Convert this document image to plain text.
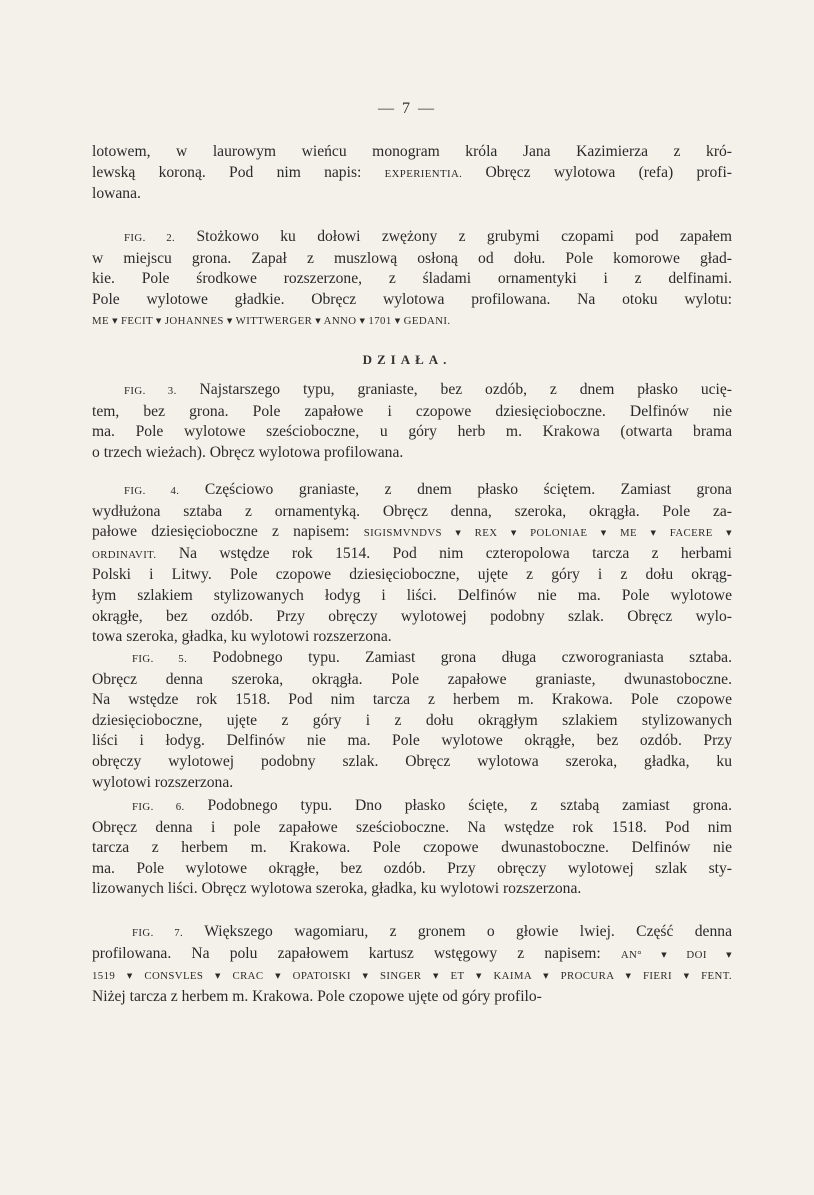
— 7 —

lotowem, w laurowym wieńcu monogram króla Jana Kazimierza z kró-
lewską koroną. Pod nim napis: EXPERIENTIA. Obręcz wylotowa (refa) profi-
lowana.

FIG. 2. Stożkowo ku dołowi zwężony z grubymi czopami pod zapałem
w miejscu grona. Zapał z muszlową osłoną od dołu. Pole komorowe gład-
kie. Pole środkowe rozszerzone, z śladami ornamentyki i z delfinami.
Pole wylotowe gładkie. Obręcz wylotowa profilowana. Na otoku wylotu:
ME ▾ FECIT ▾ JOHANNES ▾ WITTWERGER ▾ ANNO ▾ 1701 ▾ GEDANI.

DZIAŁA.

FIG. 3. Najstarszego typu, graniaste, bez ozdób, z dnem płasko ucię-
tem, bez grona. Pole zapałowe i czopowe dziesięcioboczne. Delfinów nie
ma. Pole wylotowe sześcioboczne, u góry herb m. Krakowa (otwarta brama
o trzech wieżach). Obręcz wylotowa profilowana.

FIG. 4. Częściowo graniaste, z dnem płasko ściętem. Zamiast grona
wydłużona sztaba z ornamentyką. Obręcz denna, szeroka, okrągła. Pole za-
pałowe dziesięcioboczne z napisem: SIGISMVNDVS ▾ REX ▾ POLONIAE ▾ ME ▾ FACERE ▾
ORDINAVIT. Na wstędze rok 1514. Pod nim czteropolowa tarcza z herbami
Polski i Litwy. Pole czopowe dziesięcioboczne, ujęte z góry i z dołu okrąg-
łym szlakiem stylizowanych łodyg i liści. Delfinów nie ma. Pole wylotowe
okrągłe, bez ozdób. Przy obręczy wylotowej podobny szlak. Obręcz wylo-
towa szeroka, gładka, ku wylotowi rozszerzona.

FIG. 5. Podobnego typu. Zamiast grona długa czworograniasta sztaba.
Obręcz denna szeroka, okrągła. Pole zapałowe graniaste, dwunastoboczne.
Na wstędze rok 1518. Pod nim tarcza z herbem m. Krakowa. Pole czopowe
dziesięcioboczne, ujęte z góry i z dołu okrągłym szlakiem stylizowanych
liści i łodyg. Delfinów nie ma. Pole wylotowe okrągłe, bez ozdób. Przy
obręczy wylotowej podobny szlak. Obręcz wylotowa szeroka, gładka, ku
wylotowi rozszerzona.

FIG. 6. Podobnego typu. Dno płasko ścięte, z sztabą zamiast grona.
Obręcz denna i pole zapałowe sześcioboczne. Na wstędze rok 1518. Pod nim
tarcza z herbem m. Krakowa. Pole czopowe dwunastoboczne. Delfinów nie
ma. Pole wylotowe okrągłe, bez ozdób. Przy obręczy wylotowej szlak sty-
lizowanych liści. Obręcz wylotowa szeroka, gładka, ku wylotowi rozszerzona.

FIG. 7. Większego wagomiaru, z gronem o głowie lwiej. Część denna
profilowana. Na polu zapałowem kartusz wstęgowy z napisem: AN° ▾ DOI ▾
1519 ▾ CONSVLES ▾ CRAC ▾ OPATOISKI ▾ SINGER ▾ ET ▾ KAIMA ▾ PROCURA ▾ FIERI ▾ FENT.
Niżej tarcza z herbem m. Krakowa. Pole czopowe ujęte od góry profilo-
